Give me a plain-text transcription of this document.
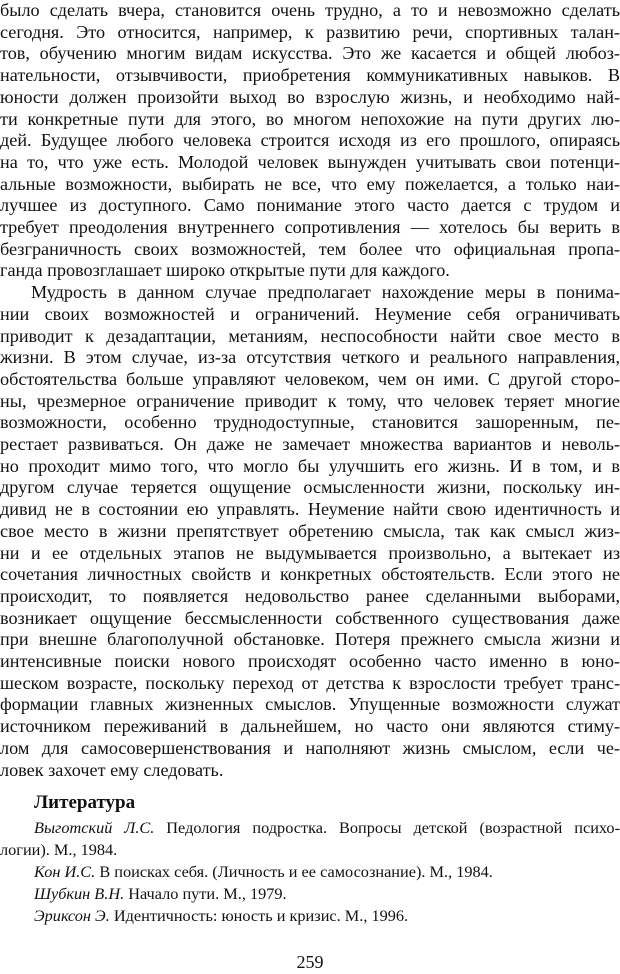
было сделать вчера, становится очень трудно, а то и невозможно сделать
сегодня. Это относится, например, к развитию речи, спортивных талан-
тов, обучению многим видам искусства. Это же касается и общей любоз-
нательности, отзывчивости, приобретения коммуникативных навыков. В
юности должен произойти выход во взрослую жизнь, и необходимо най-
ти конкретные пути для этого, во многом непохожие на пути других лю-
дей. Будущее любого человека строится исходя из его прошлого, опираясь
на то, что уже есть. Молодой человек вынужден учитывать свои потенци-
альные возможности, выбирать не все, что ему пожелается, а только наи-
лучшее из доступного. Само понимание этого часто дается с трудом и
требует преодоления внутреннего сопротивления — хотелось бы верить в
безграничность своих возможностей, тем более что официальная пропа-
ганда провозглашает широко открытые пути для каждого.
Мудрость в данном случае предполагает нахождение меры в понима-
нии своих возможностей и ограничений. Неумение себя ограничивать
приводит к дезадаптации, метаниям, неспособности найти свое место в
жизни. В этом случае, из-за отсутствия четкого и реального направления,
обстоятельства больше управляют человеком, чем он ими. С другой сторо-
ны, чрезмерное ограничение приводит к тому, что человек теряет многие
возможности, особенно труднодоступные, становится зашоренным, пе-
рестает развиваться. Он даже не замечает множества вариантов и неволь-
но проходит мимо того, что могло бы улучшить его жизнь. И в том, и в
другом случае теряется ощущение осмысленности жизни, поскольку ин-
дивид не в состоянии ею управлять. Неумение найти свою идентичность и
свое место в жизни препятствует обретению смысла, так как смысл жиз-
ни и ее отдельных этапов не выдумывается произвольно, а вытекает из
сочетания личностных свойств и конкретных обстоятельств. Если этого не
происходит, то появляется недовольство ранее сделанными выборами,
возникает ощущение бессмысленности собственного существования даже
при внешне благополучной обстановке. Потеря прежнего смысла жизни и
интенсивные поиски нового происходят особенно часто именно в юно-
шеском возрасте, поскольку переход от детства к взрослости требует транс-
формации главных жизненных смыслов. Упущенные возможности служат
источником переживаний в дальнейшем, но часто они являются стиму-
лом для самосовершенствования и наполняют жизнь смыслом, если че-
ловек захочет ему следовать.
Литература
Выготский Л.С. Педология подростка. Вопросы детской (возрастной психо-
логии). М., 1984.
Кон И.С. В поисках себя. (Личность и ее самосознание). М., 1984.
Шубкин В.Н. Начало пути. М., 1979.
Эриксон Э. Идентичность: юность и кризис. М., 1996.
259
